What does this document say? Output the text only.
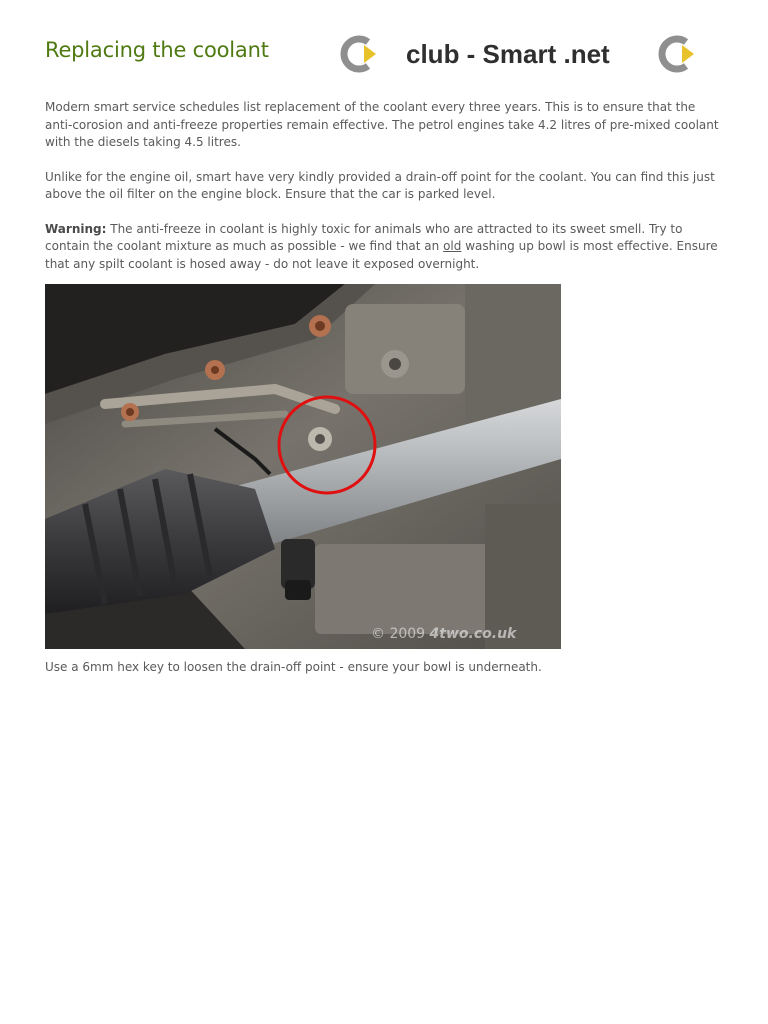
Replacing the coolant	club - Smart .net

Modern smart service schedules list replacement of the coolant every three years. This is to ensure that the anti-corosion and anti-freeze properties remain effective. The petrol engines take 4.2 litres of pre-mixed coolant with the diesels taking 4.5 litres.

Unlike for the engine oil, smart have very kindly provided a drain-off point for the coolant. You can find this just above the oil filter on the engine block. Ensure that the car is parked level.

Warning: The anti-freeze in coolant is highly toxic for animals who are attracted to its sweet smell. Try to contain the coolant mixture as much as possible - we find that an old washing up bowl is most effective. Ensure that any spilt coolant is hosed away - do not leave it exposed overnight.

© 2009 4two.co.uk
Use a 6mm hex key to loosen the drain-off point - ensure your bowl is underneath.
